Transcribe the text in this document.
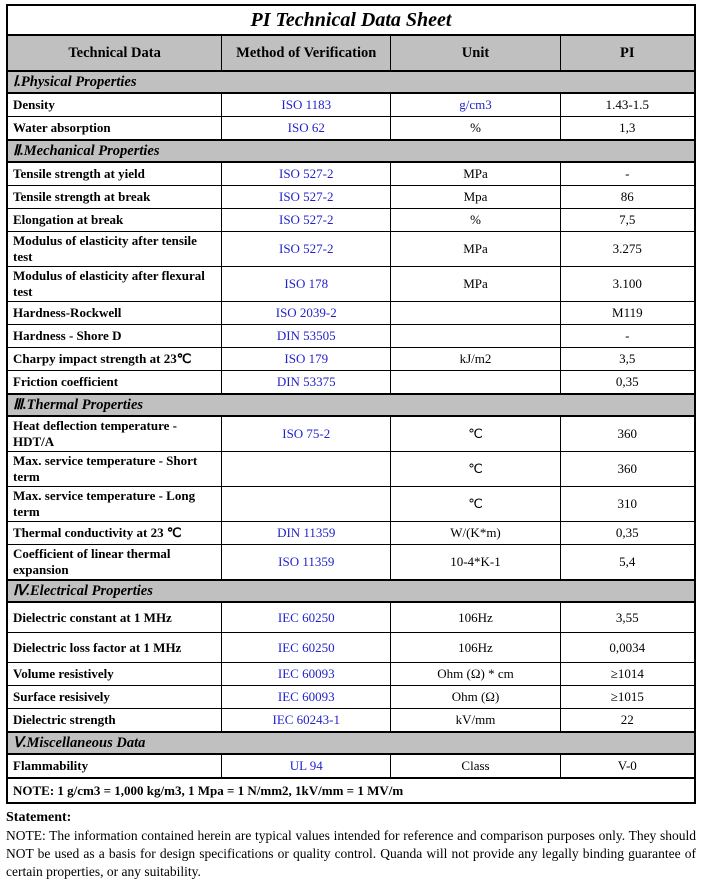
PI Technical Data Sheet			
Technical Data	Method of Verification	Unit	PI
Ⅰ.Physical Properties			
Density	ISO 1183	g/cm3	1.43-1.5
Water absorption	ISO 62	%	1,3
Ⅱ.Mechanical Properties			
Tensile strength at yield	ISO 527-2	MPa	-
Tensile strength at break	ISO 527-2	Mpa	86
Elongation at break	ISO 527-2	%	7,5
Modulus of elasticity after tensile test	ISO 527-2	MPa	3.275
Modulus of elasticity after flexural test	ISO 178	MPa	3.100
Hardness-Rockwell	ISO 2039-2		M119
Hardness - Shore D	DIN 53505		-
Charpy impact strength at 23℃	ISO 179	kJ/m2	3,5
Friction coefficient	DIN 53375		0,35
Ⅲ.Thermal Properties			
Heat deflection temperature - HDT/A	ISO 75-2	℃	360
Max. service temperature - Short term		℃	360
Max. service temperature - Long term		℃	310
Thermal conductivity at 23 ℃	DIN 11359	W/(K*m)	0,35
Coefficient of linear thermal expansion	ISO 11359	10-4*K-1	5,4
Ⅳ.Electrical Properties			
Dielectric constant at 1 MHz	IEC 60250	106Hz	3,55
Dielectric loss factor at 1 MHz	IEC 60250	106Hz	0,0034
Volume resistively	IEC 60093	Ohm (Ω) * cm	≥1014
Surface resisively	IEC 60093	Ohm (Ω)	≥1015
Dielectric strength	IEC 60243-1	kV/mm	22
Ⅴ.Miscellaneous Data			
Flammability	UL 94	Class	V-0
NOTE: 1 g/cm3 = 1,000 kg/m3, 1 Mpa = 1 N/mm2, 1kV/mm = 1 MV/m			
Statement:
NOTE: The information contained herein are typical values intended for reference and comparison purposes only. They should NOT be used as a basis for design specifications or quality control. Quanda will not provide any legally binding guarantee of certain properties, or any suitability.
